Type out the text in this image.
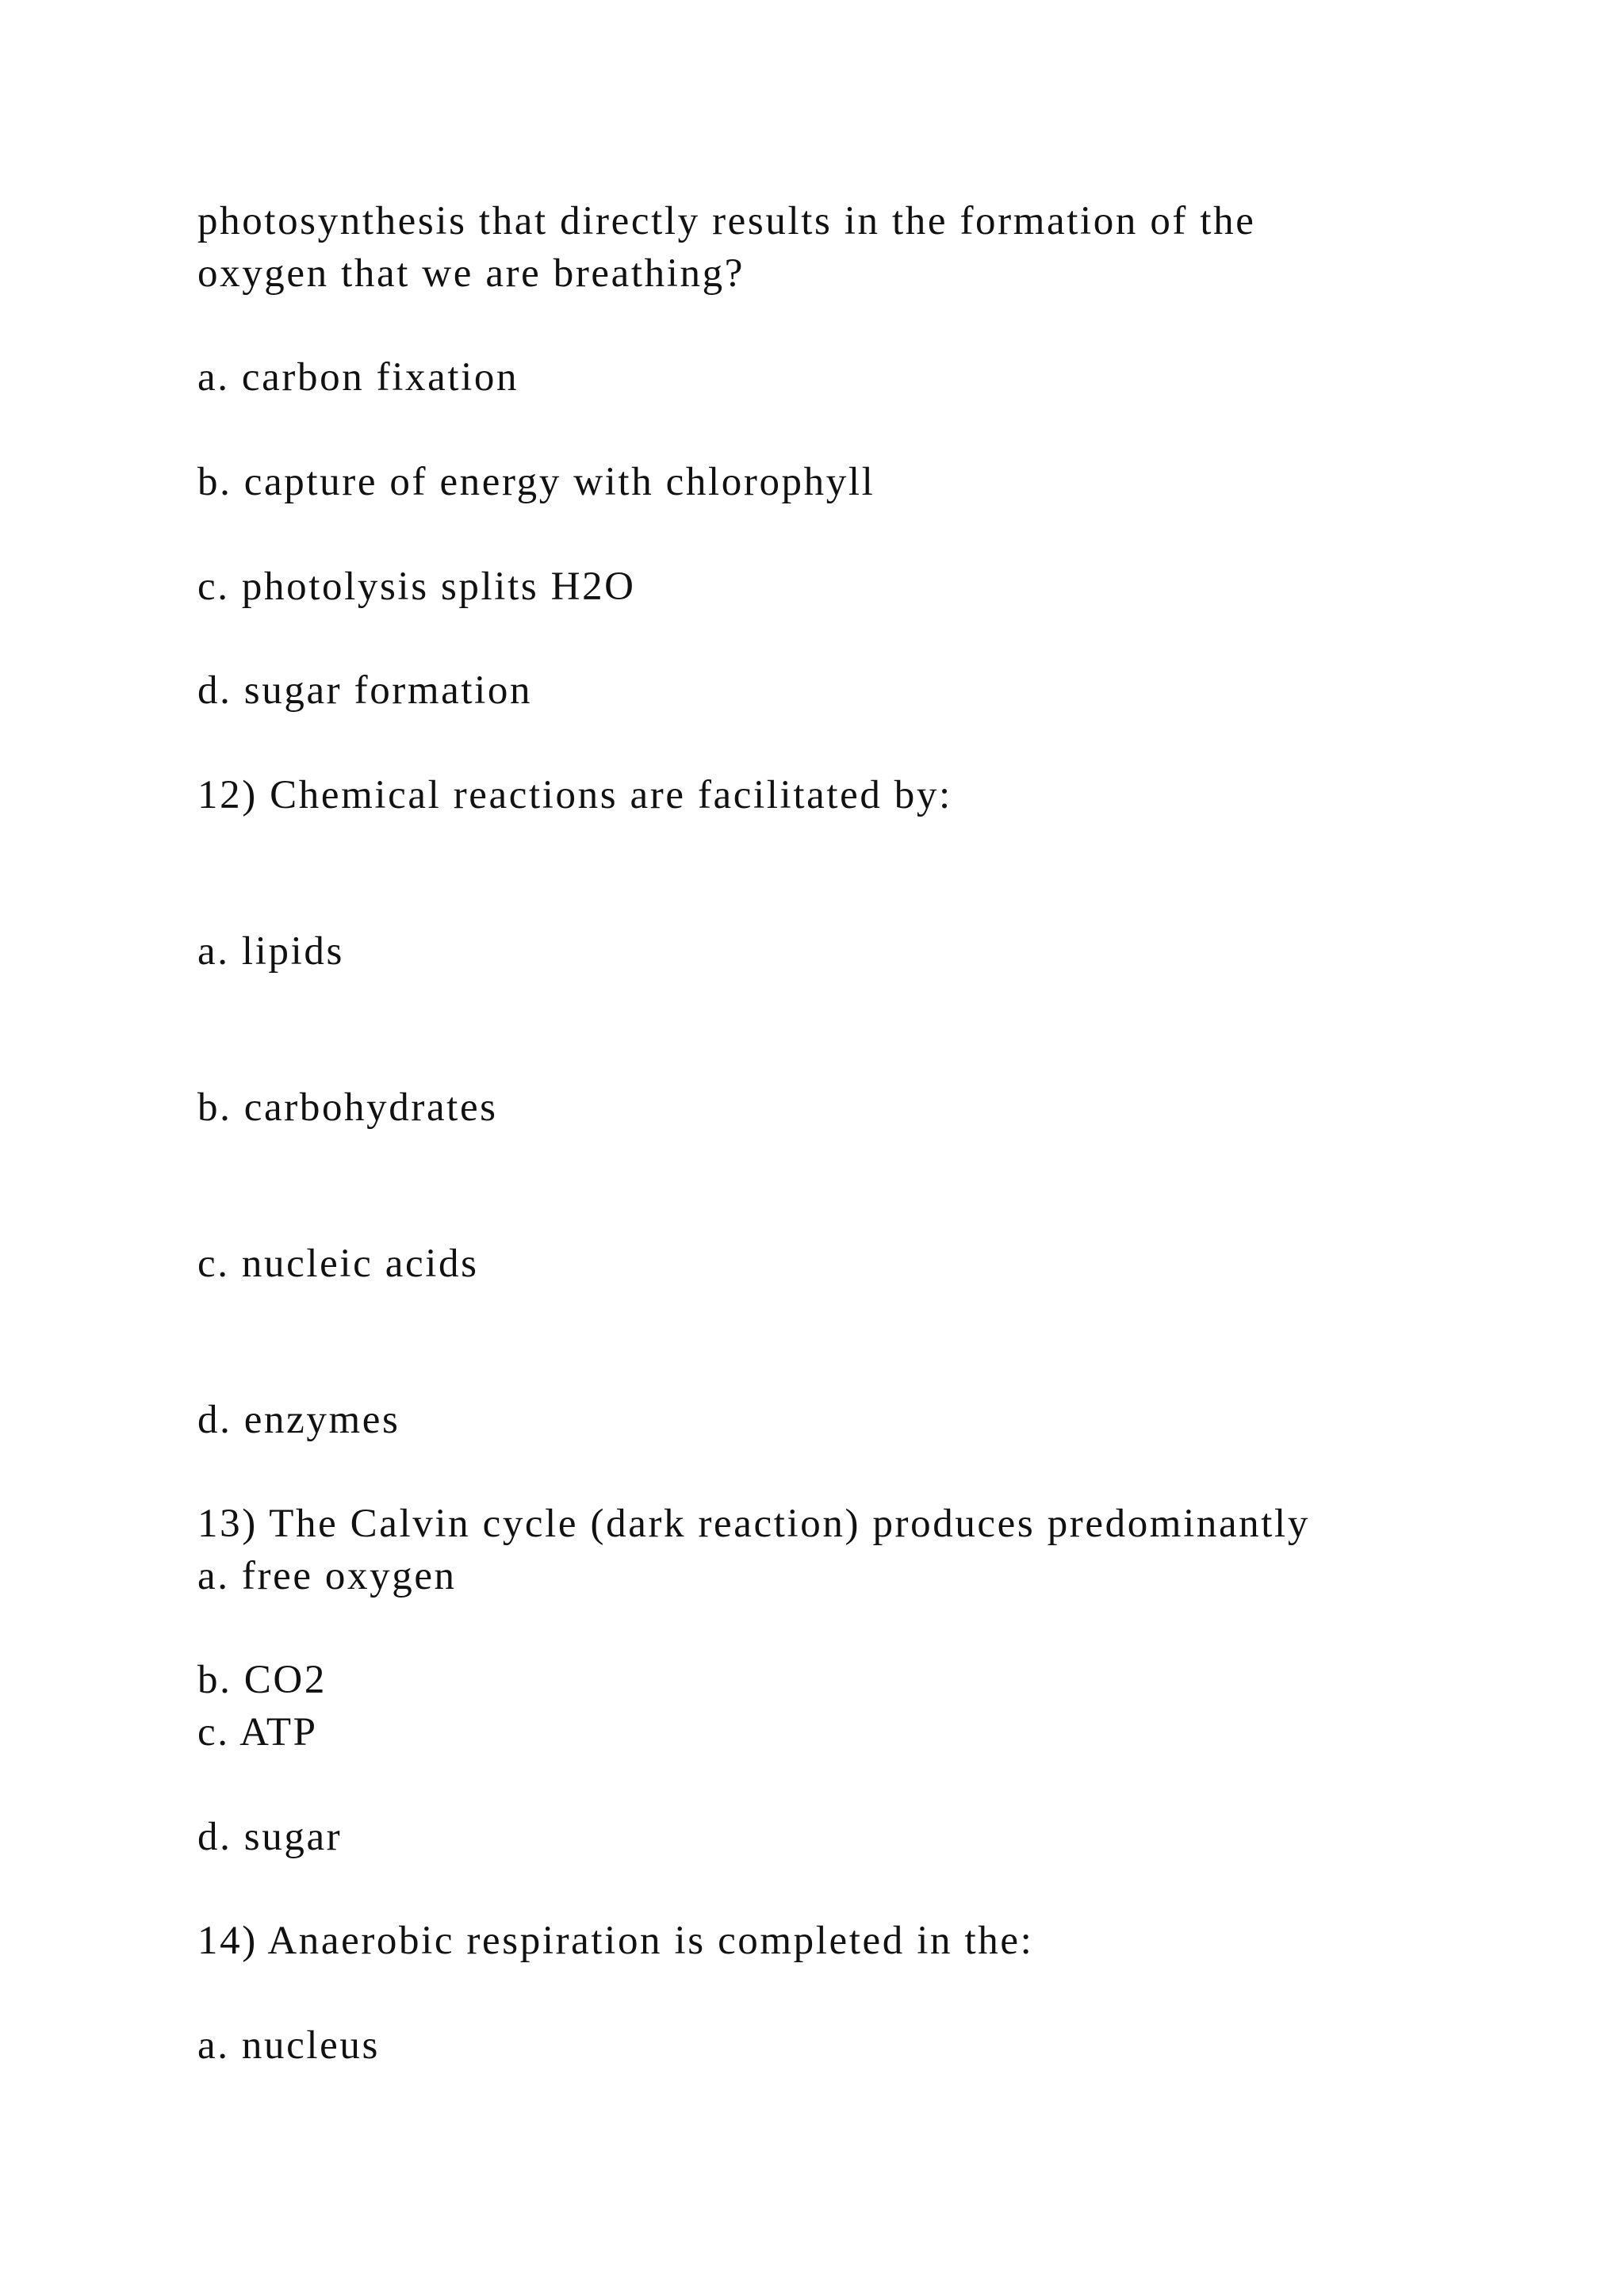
photosynthesis that directly results in the formation of the

oxygen that we are breathing?

a. carbon fixation

b. capture of energy with chlorophyll

c. photolysis splits H2O

d. sugar formation

12) Chemical reactions are facilitated by:

a. lipids

b. carbohydrates

c. nucleic acids

d. enzymes

13) The Calvin cycle (dark reaction) produces predominantly

a. free oxygen

b. CO2

c. ATP

d. sugar

14) Anaerobic respiration is completed in the:

a. nucleus
